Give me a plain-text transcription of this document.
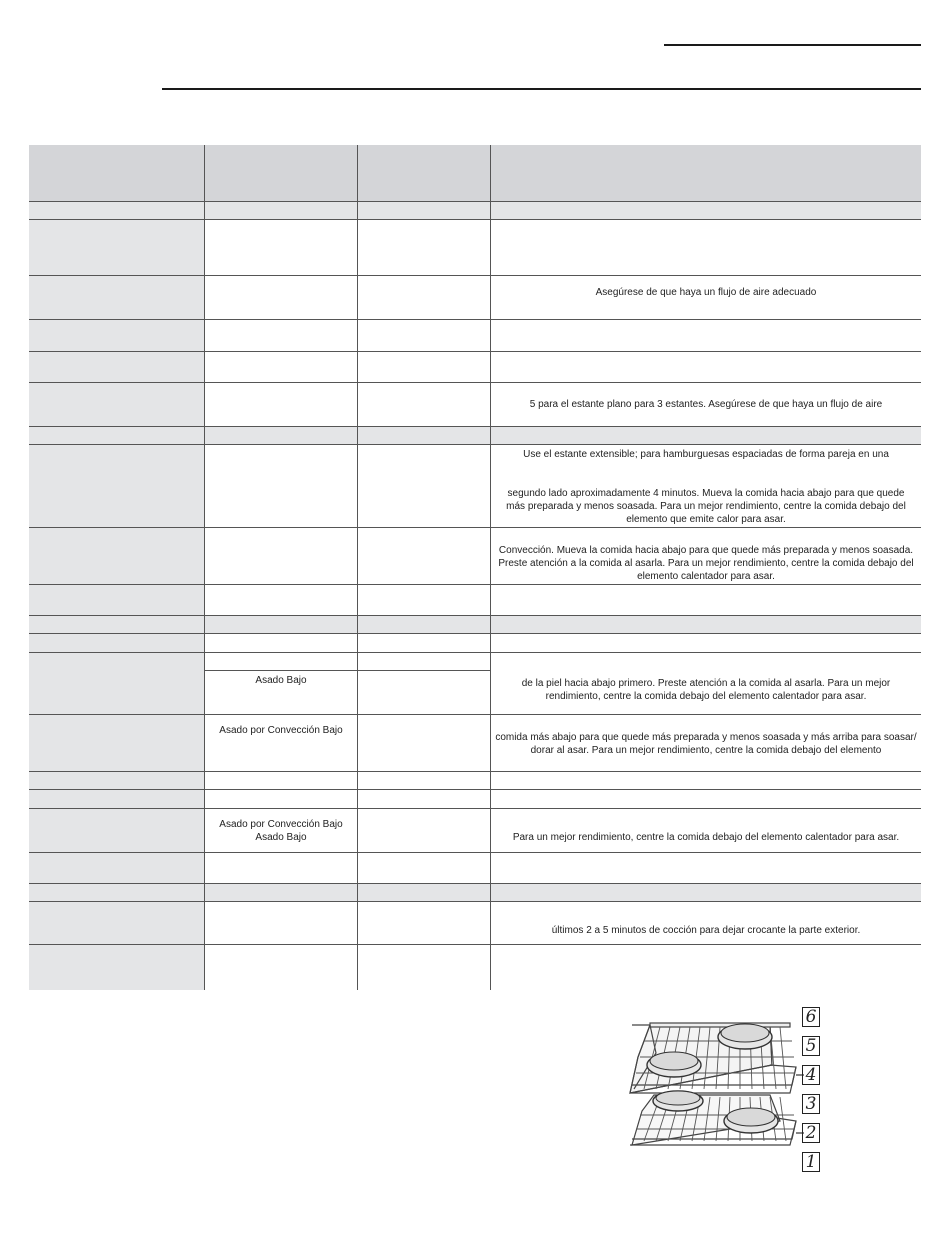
Asegúrese de que haya un flujo de aire adecuado
5 para el estante plano para 3 estantes. Asegúrese de que haya un flujo de aire
Use el estante extensible; para hamburguesas espaciadas de forma pareja en una
segundo lado aproximadamente 4 minutos. Mueva la comida hacia abajo para que quede más preparada y menos soasada. Para un mejor rendimiento, centre la comida debajo del elemento que emite calor para asar.
Convección. Mueva la comida hacia abajo para que quede más preparada y menos soasada. Preste atención a la comida al asarla. Para un mejor rendimiento, centre la comida debajo del elemento calentador para asar.
Asado Bajo	de la piel hacia abajo primero. Preste atención a la comida al asarla. Para un mejor rendimiento, centre la comida debajo del elemento calentador para asar.
Asado por Convección Bajo
comida más abajo para que quede más preparada y menos soasada y más arriba para soasar/ dorar al asar. Para un mejor rendimiento, centre la comida debajo del elemento
Asado por Convección Bajo
Asado Bajo	Para un mejor rendimiento, centre la comida debajo del elemento calentador para asar.
últimos 2 a 5 minutos de cocción para dejar crocante la parte exterior.
6
5
4
3
2
1
